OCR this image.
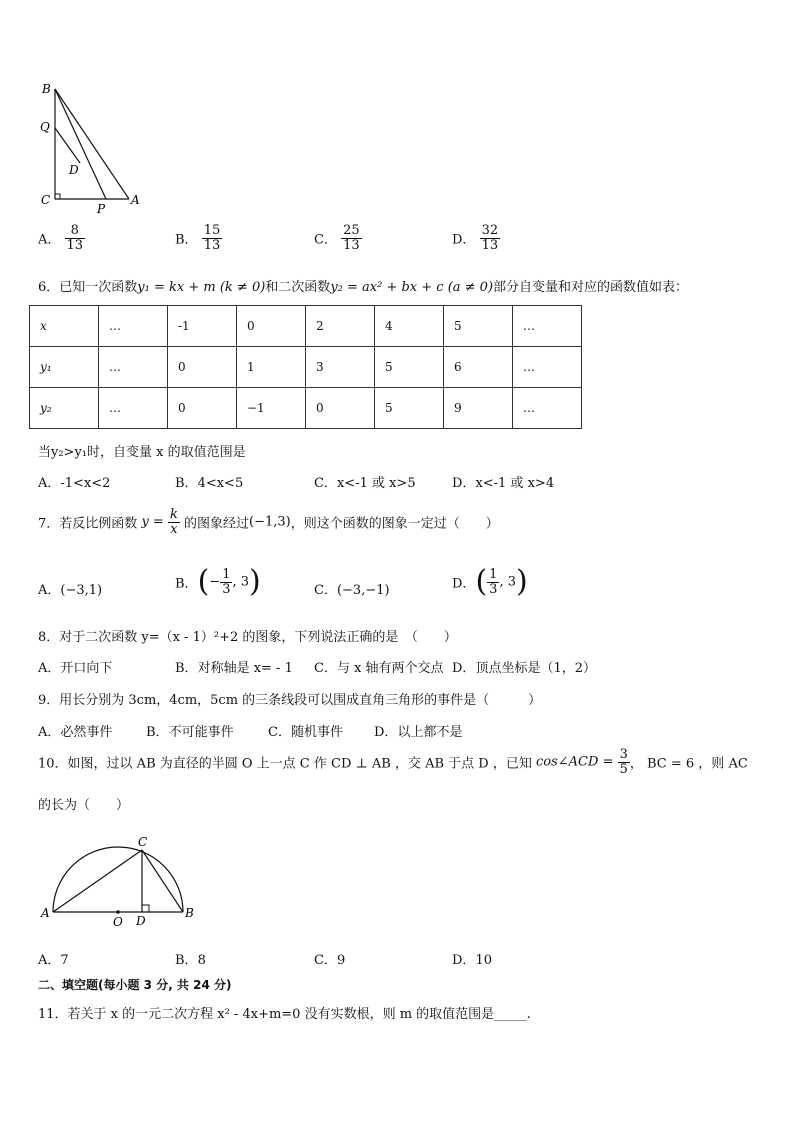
B
Q
D
C
P
A
A． $\frac{8}{13}$	B． $\frac{15}{13}$	C． $\frac{25}{13}$	D． $\frac{32}{13}$
6．已知一次函数y₁ = kx + m (k ≠ 0)和二次函数y₂ = ax² + bx + c (a ≠ 0)部分自变量和对应的函数值如表：
x	…	-1	0	2	4	5	…
y₁	…	0	1	3	5	6	…
y₂	…	0	−1	0	5	9	…
当y₂>y₁时，自变量 x 的取值范围是
A．-1<x<2	B．4<x<5	C．x<-1 或 x>5	D．x<-1 或 x>4
7．若反比例函数 $y = \frac{k}{x}$ 的图象经过(−1,3)，则这个函数的图象一定过（　　）
A．(−3,1)	B．(− $\frac{1}{3}$ , 3)	C．(−3,−1)	D．( $\frac{1}{3}$ , 3)
8．对于二次函数 y=（x - 1）²+2 的图象，下列说法正确的是　（　　）
A．开口向下	B．对称轴是 x= - 1 C．与 x 轴有两个交点 D．顶点坐标是（1，2）
9．用长分别为 3cm，4cm，5cm 的三条线段可以围成直角三角形的事件是（　　　）
A．必然事件	B．不可能事件	C．随机事件 D．以上都不是
10．如图，过以 AB 为直径的半圆 O 上一点 C 作 CD ⊥ AB ，交 AB 于点 D ，已知 cos∠ACD = $\frac{3}{5}$ ， BC = 6 ，则 AC
的长为（　　）
C
A
O D
B
A．7	B．8	C．9	D．10
二、填空题(每小题 3 分, 共 24 分)
11．若关于 x 的一元二次方程 x² - 4x+m=0 没有实数根，则 m 的取值范围是_____.
